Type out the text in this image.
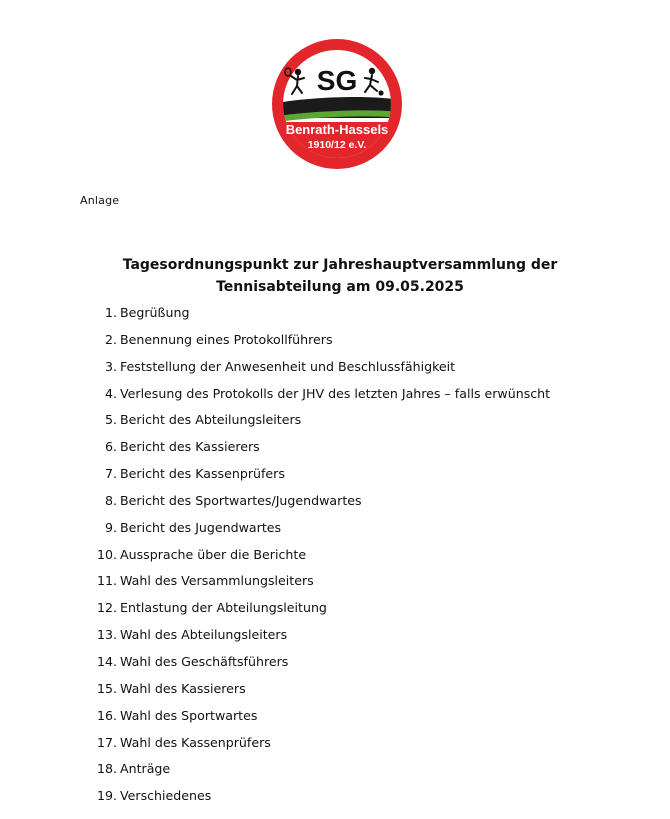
SG
Benrath-Hassels
1910/12 e.V.
Anlage
Tagesordnungspunkt zur Jahreshauptversammlung der
Tennisabteilung am 09.05.2025
1. Begrüßung
2. Benennung eines Protokollführers
3. Feststellung der Anwesenheit und Beschlussfähigkeit
4. Verlesung des Protokolls der JHV des letzten Jahres – falls erwünscht
5. Bericht des Abteilungsleiters
6. Bericht des Kassierers
7. Bericht des Kassenprüfers
8. Bericht des Sportwartes/Jugendwartes
9. Bericht des Jugendwartes
10. Aussprache über die Berichte
11. Wahl des Versammlungsleiters
12. Entlastung der Abteilungsleitung
13. Wahl des Abteilungsleiters
14. Wahl des Geschäftsführers
15. Wahl des Kassierers
16. Wahl des Sportwartes
17. Wahl des Kassenprüfers
18. Anträge
19. Verschiedenes
